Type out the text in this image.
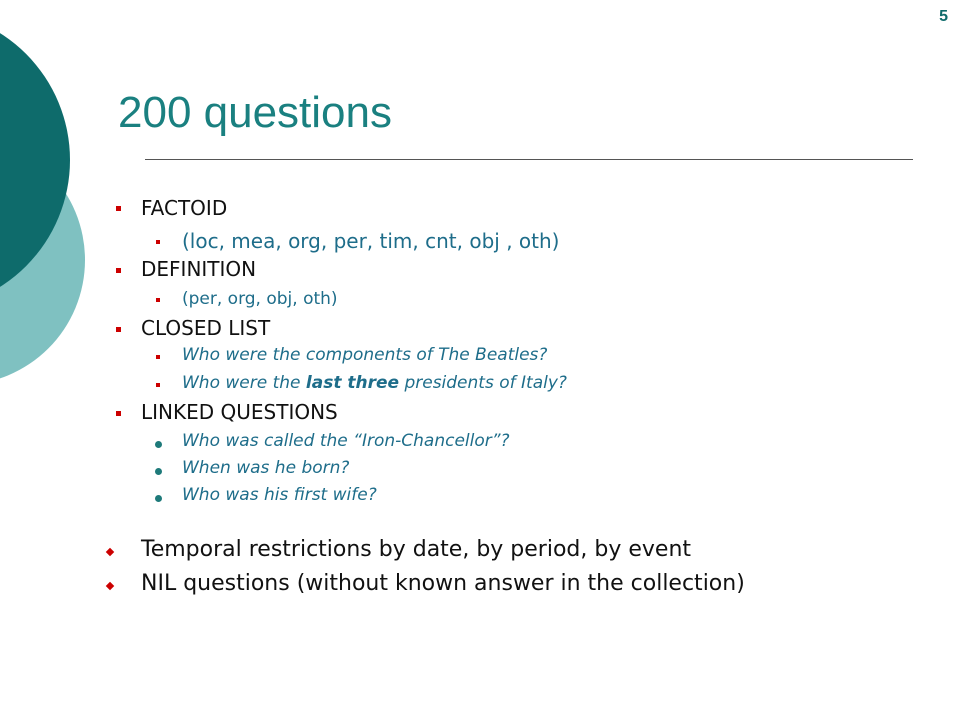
5
200 questions
FACTOID
(loc, mea, org, per, tim, cnt, obj , oth)
DEFINITION
(per, org, obj, oth)
CLOSED LIST
Who were the components of The Beatles?
Who were the last three presidents of Italy?
LINKED QUESTIONS
Who was called the “Iron-Chancellor”?
When was he born?
Who was his first wife?
Temporal restrictions by date, by period, by event
NIL questions (without known answer in the collection)
